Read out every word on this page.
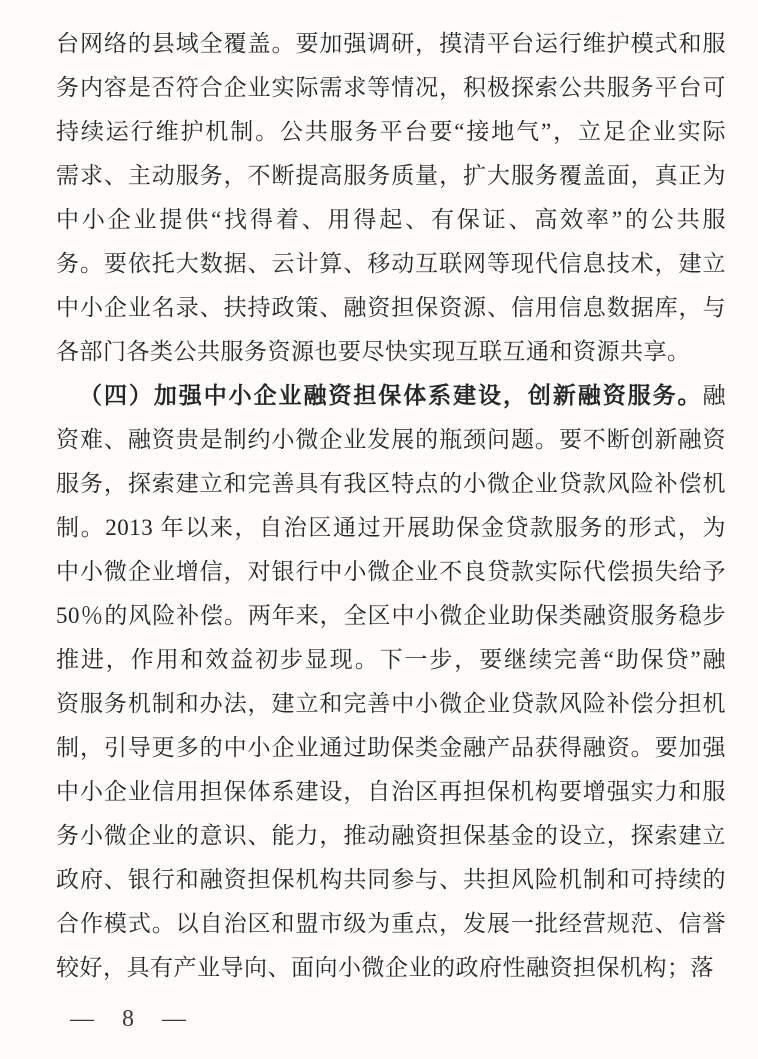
台网络的县域全覆盖。要加强调研，摸清平台运行维护模式和服
务内容是否符合企业实际需求等情况，积极探索公共服务平台可
持续运行维护机制。公共服务平台要“接地气”，立足企业实际
需求、主动服务，不断提高服务质量，扩大服务覆盖面，真正为
中小企业提供“找得着、用得起、有保证、高效率”的公共服
务。要依托大数据、云计算、移动互联网等现代信息技术，建立
中小企业名录、扶持政策、融资担保资源、信用信息数据库，与
各部门各类公共服务资源也要尽快实现互联互通和资源共享。
（四）加强中小企业融资担保体系建设，创新融资服务。融
资难、融资贵是制约小微企业发展的瓶颈问题。要不断创新融资
服务，探索建立和完善具有我区特点的小微企业贷款风险补偿机
制。2013 年以来，自治区通过开展助保金贷款服务的形式，为
中小微企业增信，对银行中小微企业不良贷款实际代偿损失给予
50％的风险补偿。两年来，全区中小微企业助保类融资服务稳步
推进，作用和效益初步显现。下一步，要继续完善“助保贷”融
资服务机制和办法，建立和完善中小微企业贷款风险补偿分担机
制，引导更多的中小企业通过助保类金融产品获得融资。要加强
中小企业信用担保体系建设，自治区再担保机构要增强实力和服
务小微企业的意识、能力，推动融资担保基金的设立，探索建立
政府、银行和融资担保机构共同参与、共担风险机制和可持续的
合作模式。以自治区和盟市级为重点，发展一批经营规范、信誉
较好，具有产业导向、面向小微企业的政府性融资担保机构；落
— 8 —
